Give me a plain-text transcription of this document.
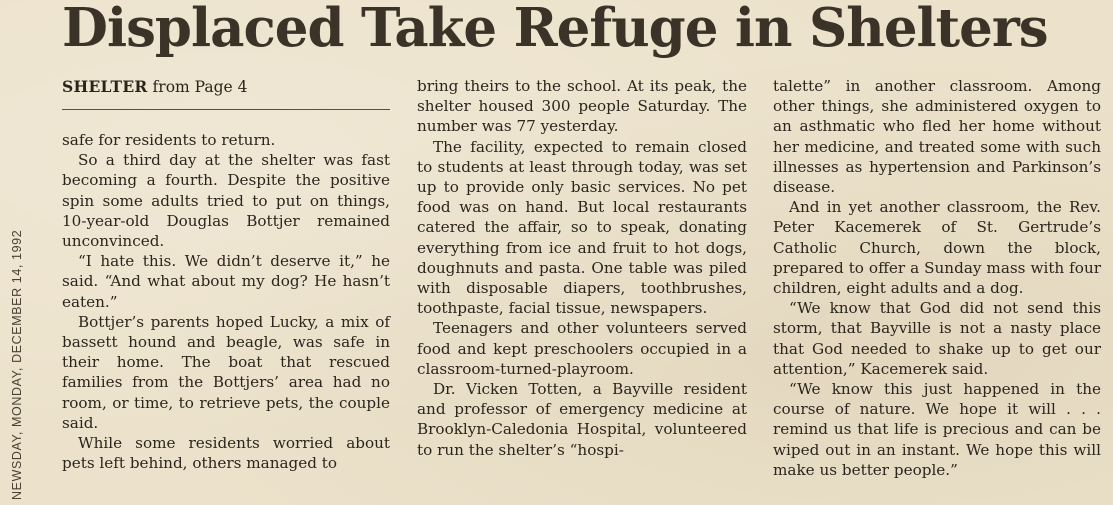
Displaced Take Refuge in Shelters
NEWSDAY, MONDAY, DECEMBER 14, 1992
SHELTER from Page 4

safe for residents to return.

So a third day at the shelter was fast becoming a fourth. Despite the positive spin some adults tried to put on things, 10-year-old Douglas Bottjer remained unconvinced.

“I hate this. We didn’t deserve it,” he said. “And what about my dog? He hasn’t eaten.”

Bottjer’s parents hoped Lucky, a mix of bassett hound and beagle, was safe in their home. The boat that rescued families from the Bottjers’ area had no room, or time, to retrieve pets, the couple said.

While some residents worried about pets left behind, others managed to

bring theirs to the school. At its peak, the shelter housed 300 people Saturday. The number was 77 yesterday.

The facility, expected to remain closed to students at least through today, was set up to provide only basic services. No pet food was on hand. But local restaurants catered the affair, so to speak, donating everything from ice and fruit to hot dogs, doughnuts and pasta. One table was piled with disposable diapers, toothbrushes, toothpaste, facial tissue, newspapers.

Teenagers and other volunteers served food and kept preschoolers occupied in a classroom-turned-playroom.

Dr. Vicken Totten, a Bayville resident and professor of emergency medicine at Brooklyn-Caledonia Hospital, volunteered to run the shelter’s “hospi-

talette” in another classroom. Among other things, she administered oxygen to an asthmatic who fled her home without her medicine, and treated some with such illnesses as hypertension and Parkinson’s disease.

And in yet another classroom, the Rev. Peter Kacemerek of St. Gertrude’s Catholic Church, down the block, prepared to offer a Sunday mass with four children, eight adults and a dog.

“We know that God did not send this storm, that Bayville is not a nasty place that God needed to shake up to get our attention,” Kacemerek said.

“We know this just happened in the course of nature. We hope it will . . . remind us that life is precious and can be wiped out in an instant. We hope this will make us better people.”
